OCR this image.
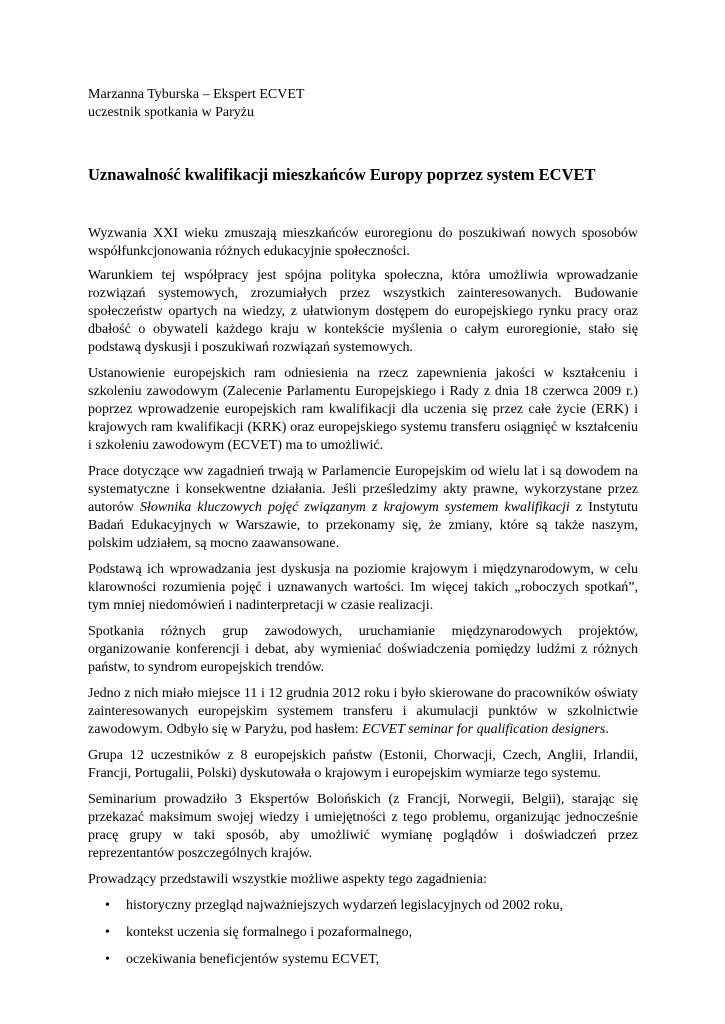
Marzanna Tyburska – Ekspert ECVET
uczestnik spotkania w Paryżu
Uznawalność kwalifikacji mieszkańców Europy poprzez system ECVET

Wyzwania XXI wieku zmuszają mieszkańców euroregionu do poszukiwań nowych sposobów współfunkcjonowania różnych edukacyjnie społeczności.

Warunkiem tej współpracy jest spójna polityka społeczna, która umożliwia wprowadzanie rozwiązań systemowych, zrozumiałych przez wszystkich zainteresowanych. Budowanie społeczeństw opartych na wiedzy, z ułatwionym dostępem do europejskiego rynku pracy oraz dbałość o obywateli każdego kraju w kontekście myślenia o całym euroregionie, stało się podstawą dyskusji i poszukiwań rozwiązań systemowych.

Ustanowienie europejskich ram odniesienia na rzecz zapewnienia jakości w kształceniu i szkoleniu zawodowym (Zalecenie Parlamentu Europejskiego i Rady z dnia 18 czerwca 2009 r.) poprzez wprowadzenie europejskich ram kwalifikacji dla uczenia się przez całe życie (ERK) i krajowych ram kwalifikacji (KRK) oraz europejskiego systemu transferu osiągnięć w kształceniu i szkoleniu zawodowym (ECVET) ma to umożliwić.

Prace dotyczące ww zagadnień trwają w Parlamencie Europejskim od wielu lat i są dowodem na systematyczne i konsekwentne działania. Jeśli prześledzimy akty prawne, wykorzystane przez autorów Słownika kluczowych pojęć związanym z krajowym systemem kwalifikacji z Instytutu Badań Edukacyjnych w Warszawie, to przekonamy się, że zmiany, które są także naszym, polskim udziałem, są mocno zaawansowane.

Podstawą ich wprowadzania jest dyskusja na poziomie krajowym i międzynarodowym, w celu klarowności rozumienia pojęć i uznawanych wartości. Im więcej takich „roboczych spotkań”, tym mniej niedomówień i nadinterpretacji w czasie realizacji.

Spotkania różnych grup zawodowych, uruchamianie międzynarodowych projektów, organizowanie konferencji i debat, aby wymieniać doświadczenia pomiędzy ludźmi z różnych państw, to syndrom europejskich trendów.

Jedno z nich miało miejsce 11 i 12 grudnia 2012 roku i było skierowane do pracowników oświaty zainteresowanych europejskim systemem transferu i akumulacji punktów w szkolnictwie zawodowym. Odbyło się w Paryżu, pod hasłem: ECVET seminar for qualification designers.

Grupa 12 uczestników z 8 europejskich państw (Estonii, Chorwacji, Czech, Anglii, Irlandii, Francji, Portugalii, Polski) dyskutowała o krajowym i europejskim wymiarze tego systemu.

Seminarium prowadziło 3 Ekspertów Bolońskich (z Francji, Norwegii, Belgii), starając się przekazać maksimum swojej wiedzy i umiejętności z tego problemu, organizując jednocześnie pracę grupy w taki sposób, aby umożliwić wymianę poglądów i doświadczeń przez reprezentantów poszczególnych krajów.

Prowadzący przedstawili wszystkie możliwe aspekty tego zagadnienia:

• historyczny przegląd najważniejszych wydarzeń legislacyjnych od 2002 roku,
• kontekst uczenia się formalnego i pozaformalnego,
• oczekiwania beneficjentów systemu ECVET,
